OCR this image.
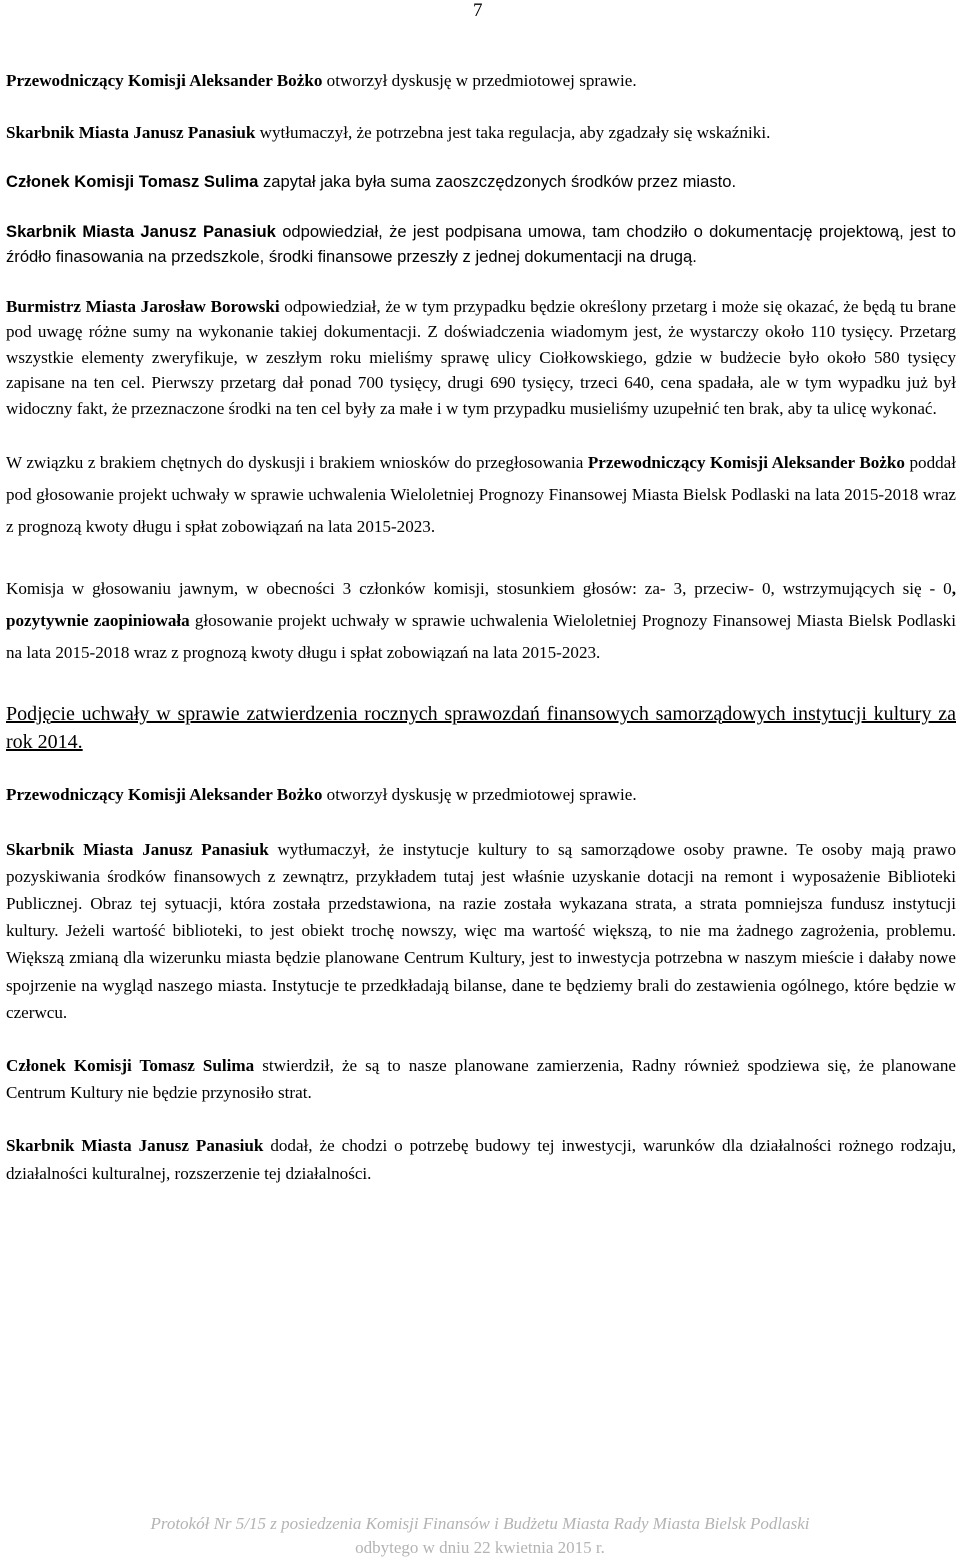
7

Przewodniczący Komisji Aleksander Bożko otworzył dyskusję w przedmiotowej sprawie.

Skarbnik Miasta Janusz Panasiuk wytłumaczył, że potrzebna jest taka regulacja, aby zgadzały się wskaźniki.

Członek Komisji Tomasz Sulima zapytał jaka była suma zaoszczędzonych środków przez miasto.

Skarbnik Miasta Janusz Panasiuk odpowiedział, że jest podpisana umowa, tam chodziło o dokumentację projektową, jest to źródło finasowania na przedszkole, środki finansowe przeszły z jednej dokumentacji na drugą.

Burmistrz Miasta Jarosław Borowski odpowiedział, że w tym przypadku będzie określony przetarg i może się okazać, że będą tu brane pod uwagę różne sumy na wykonanie takiej dokumentacji. Z doświadczenia wiadomym jest, że wystarczy około 110 tysięcy. Przetarg wszystkie elementy zweryfikuje, w zeszłym roku mieliśmy sprawę ulicy Ciołkowskiego, gdzie w budżecie było około 580 tysięcy zapisane na ten cel. Pierwszy przetarg dał ponad 700 tysięcy, drugi 690 tysięcy, trzeci 640, cena spadała, ale w tym wypadku już był widoczny fakt, że przeznaczone środki na ten cel były za małe i w tym przypadku musieliśmy uzupełnić ten brak, aby ta ulicę wykonać.

W związku z brakiem chętnych do dyskusji i brakiem wniosków do przegłosowania Przewodniczący Komisji Aleksander Bożko poddał pod głosowanie projekt uchwały w sprawie uchwalenia Wieloletniej Prognozy Finansowej Miasta Bielsk Podlaski na lata 2015-2018 wraz z prognozą kwoty długu i spłat zobowiązań na lata 2015-2023.

Komisja w głosowaniu jawnym, w obecności 3 członków komisji, stosunkiem głosów: za- 3, przeciw- 0, wstrzymujących się - 0, pozytywnie zaopiniowała głosowanie projekt uchwały w sprawie uchwalenia Wieloletniej Prognozy Finansowej Miasta Bielsk Podlaski na lata 2015-2018 wraz z prognozą kwoty długu i spłat zobowiązań na lata 2015-2023.

Podjęcie uchwały w sprawie zatwierdzenia rocznych sprawozdań finansowych samorządowych instytucji kultury za rok 2014.

Przewodniczący Komisji Aleksander Bożko otworzył dyskusję w przedmiotowej sprawie.

Skarbnik Miasta Janusz Panasiuk wytłumaczył, że instytucje kultury to są samorządowe osoby prawne. Te osoby mają prawo pozyskiwania środków finansowych z zewnątrz, przykładem tutaj jest właśnie uzyskanie dotacji na remont i wyposażenie Biblioteki Publicznej. Obraz tej sytuacji, która została przedstawiona, na razie została wykazana strata, a strata pomniejsza fundusz instytucji kultury. Jeżeli wartość biblioteki, to jest obiekt trochę nowszy, więc ma wartość większą, to nie ma żadnego zagrożenia, problemu. Większą zmianą dla wizerunku miasta będzie planowane Centrum Kultury, jest to inwestycja potrzebna w naszym mieście i dałaby nowe spojrzenie na wygląd naszego miasta. Instytucje te przedkładają bilanse, dane te będziemy brali do zestawienia ogólnego, które będzie w czerwcu.

Członek Komisji Tomasz Sulima stwierdził, że są to nasze planowane zamierzenia, Radny również spodziewa się, że planowane Centrum Kultury nie będzie przynosiło strat.

Skarbnik Miasta Janusz Panasiuk dodał, że chodzi o potrzebę budowy tej inwestycji, warunków dla działalności rożnego rodzaju, działalności kulturalnej, rozszerzenie tej działalności.

Protokół Nr 5/15 z posiedzenia Komisji Finansów i Budżetu Miasta Rady Miasta Bielsk Podlaski
odbytego w dniu 22 kwietnia 2015 r.
